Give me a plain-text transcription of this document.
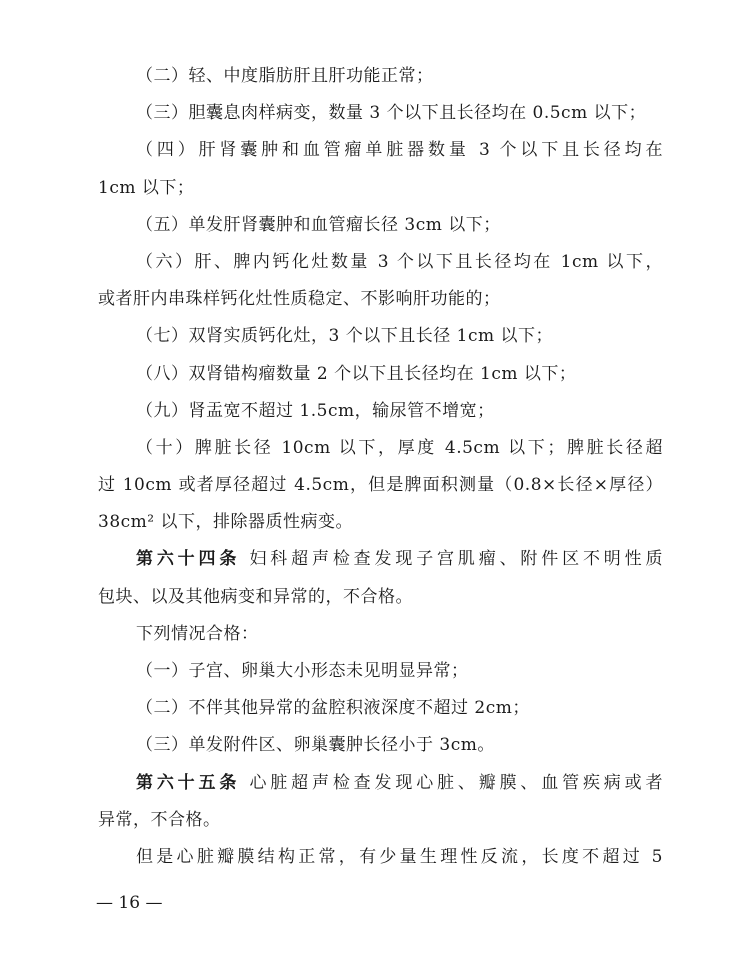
（二）轻、中度脂肪肝且肝功能正常；
（三）胆囊息肉样病变，数量 3 个以下且长径均在 0.5cm 以下；
（四）肝肾囊肿和血管瘤单脏器数量 3 个以下且长径均在
1cm 以下；
（五）单发肝肾囊肿和血管瘤长径 3cm 以下；
（六）肝、脾内钙化灶数量 3 个以下且长径均在 1cm 以下，
或者肝内串珠样钙化灶性质稳定、不影响肝功能的；
（七）双肾实质钙化灶，3 个以下且长径 1cm 以下；
（八）双肾错构瘤数量 2 个以下且长径均在 1cm 以下；
（九）肾盂宽不超过 1.5cm，输尿管不增宽；
（十）脾脏长径 10cm 以下，厚度 4.5cm 以下；脾脏长径超
过 10cm 或者厚径超过 4.5cm，但是脾面积测量（0.8×长径×厚径）
38cm² 以下，排除器质性病变。
第六十四条 妇科超声检查发现子宫肌瘤、附件区不明性质
包块、以及其他病变和异常的，不合格。
下列情况合格：
（一）子宫、卵巢大小形态未见明显异常；
（二）不伴其他异常的盆腔积液深度不超过 2cm；
（三）单发附件区、卵巢囊肿长径小于 3cm。
第六十五条 心脏超声检查发现心脏、瓣膜、血管疾病或者
异常，不合格。
但是心脏瓣膜结构正常，有少量生理性反流，长度不超过 5
— 16 —
